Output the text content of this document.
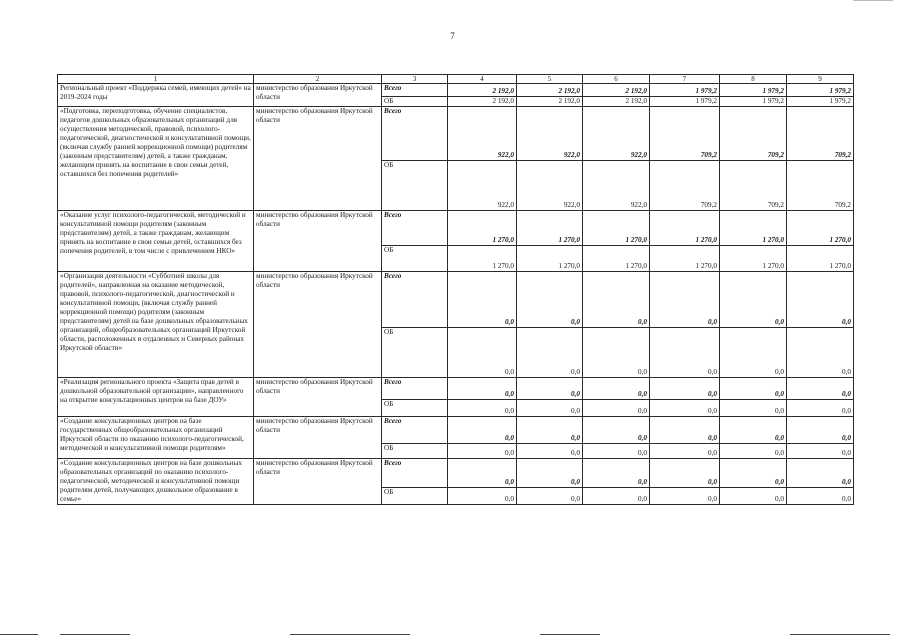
7
1	2	3	4	5	6	7	8	9
Региональный проект «Поддержка семей, имеющих детей» на 2019-2024 годы	министерство образования Иркутской области	Всего	2 192,0	2 192,0	2 192,0	1 979,2	1 979,2	1 979,2
		ОБ	2 192,0	2 192,0	2 192,0	1 979,2	1 979,2	1 979,2
«Подготовка, переподготовка, обучение специалистов, педагогов дошкольных образовательных организаций для осуществления методической, правовой, психолого-педагогической, диагностической и консультативной помощи, (включая службу ранней коррекционной помощи) родителям (законным представителям) детей, а также гражданам, желающим принять на воспитание в свои семьи детей, оставшихся без попечения родителей»	министерство образования Иркутской области	Всего	922,0	922,0	922,0	709,2	709,2	709,2
		ОБ	922,0	922,0	922,0	709,2	709,2	709,2
«Оказание услуг психолого-педагогической, методической и консультативной помощи родителям (законным представителям) детей, а также гражданам, желающим принять на воспитание в свои семьи детей, оставшихся без попечения родителей, в том числе с привлечением НКО»	министерство образования Иркутской области	Всего	1 270,0	1 270,0	1 270,0	1 270,0	1 270,0	1 270,0
		ОБ	1 270,0	1 270,0	1 270,0	1 270,0	1 270,0	1 270,0
«Организация деятельности «Субботней школы для родителей», направленная на оказание методической, правовой, психолого-педагогической, диагностической и консультативной помощи, (включая службу ранней коррекционной помощи) родителям (законным представителям) детей на базе дошкольных образовательных организаций, общеобразовательных организаций Иркутской области, расположенных в отдаленных и Северных районах Иркутской области»	министерство образования Иркутской области	Всего	0,0	0,0	0,0	0,0	0,0	0,0
		ОБ	0,0	0,0	0,0	0,0	0,0	0,0
«Реализация регионального проекта «Защита прав детей в дошкольной образовательной организации», направленного на открытие консультационных центров на базе ДОУ»	министерство образования Иркутской области	Всего	0,0	0,0	0,0	0,0	0,0	0,0
		ОБ	0,0	0,0	0,0	0,0	0,0	0,0
«Создание консультационных центров на базе государственных общеобразовательных организаций Иркутской области по оказанию психолого-педагогической, методической и консультативной помощи родителям»	министерство образования Иркутской области	Всего	0,0	0,0	0,0	0,0	0,0	0,0
		ОБ	0,0	0,0	0,0	0,0	0,0	0,0
«Создание консультационных центров на базе дошкольных образовательных организаций по оказанию психолого-педагогической, методической и консультативной помощи родителям детей, получающих дошкольное образование в семье»	министерство образования Иркутской области	Всего	0,0	0,0	0,0	0,0	0,0	0,0
		ОБ	0,0	0,0	0,0	0,0	0,0	0,0
